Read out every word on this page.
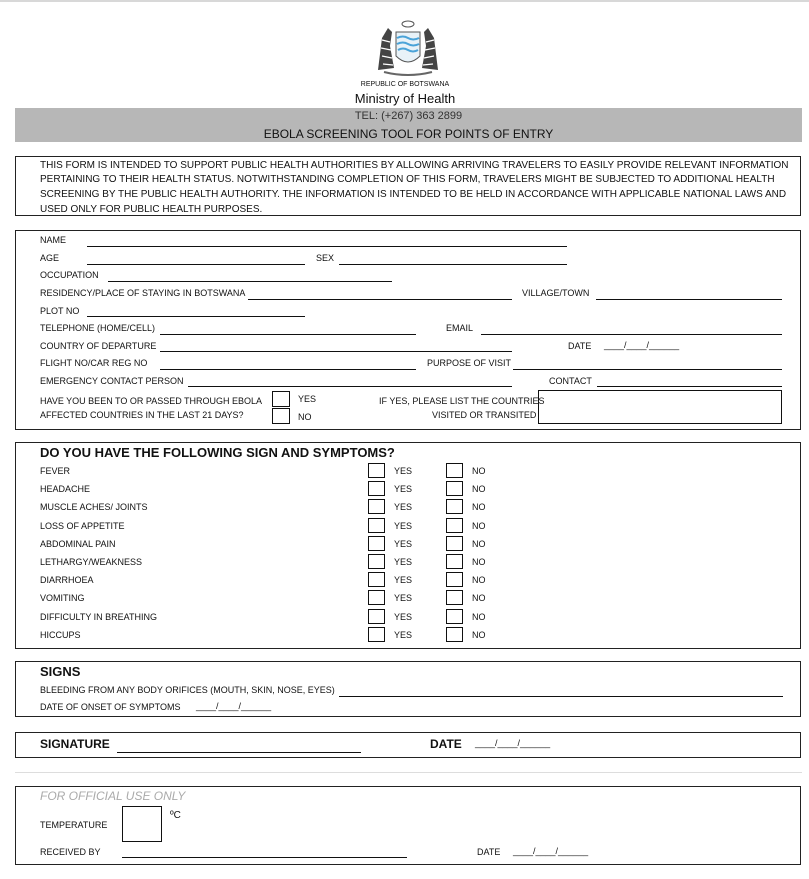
REPUBLIC OF BOTSWANA
Ministry of Health
TEL: (+267) 363 2899
EBOLA SCREENING TOOL FOR POINTS OF ENTRY
THIS FORM IS INTENDED TO SUPPORT PUBLIC HEALTH AUTHORITIES BY ALLOWING ARRIVING TRAVELERS TO EASILY PROVIDE RELEVANT INFORMATION
PERTAINING TO THEIR HEALTH STATUS. NOTWITHSTANDING COMPLETION OF THIS FORM, TRAVELERS MIGHT BE SUBJECTED TO ADDITIONAL HEALTH
SCREENING BY THE PUBLIC HEALTH AUTHORITY. THE INFORMATION IS INTENDED TO BE HELD IN ACCORDANCE WITH APPLICABLE NATIONAL LAWS AND
USED ONLY FOR PUBLIC HEALTH PURPOSES.
NAME
AGE	SEX
OCCUPATION
RESIDENCY/PLACE OF STAYING IN BOTSWANA	VILLAGE/TOWN
PLOT NO
TELEPHONE (HOME/CELL)	EMAIL
COUNTRY OF DEPARTURE	DATE ____/____/______
FLIGHT NO/CAR REG NO	PURPOSE OF VISIT
EMERGENCY CONTACT PERSON	CONTACT
HAVE YOU BEEN TO OR PASSED THROUGH EBOLA
AFFECTED COUNTRIES IN THE LAST 21 DAYS?
YES
NO
IF YES, PLEASE LIST THE COUNTRIES
VISITED OR TRANSITED
DO YOU HAVE THE FOLLOWING SIGN AND SYMPTOMS?
FEVER	YES	NO
HEADACHE	YES	NO
MUSCLE ACHES/ JOINTS	YES	NO
LOSS OF APPETITE	YES	NO
ABDOMINAL PAIN	YES	NO
LETHARGY/WEAKNESS	YES	NO
DIARRHOEA	YES	NO
VOMITING	YES	NO
DIFFICULTY IN BREATHING	YES	NO
HICCUPS	YES	NO
SIGNS
BLEEDING FROM ANY BODY ORIFICES (MOUTH, SKIN, NOSE, EYES)
DATE OF ONSET OF SYMPTOMS ____/____/______
SIGNATURE	DATE ____/____/______
FOR OFFICIAL USE ONLY
TEMPERATURE
ºC
RECEIVED BY	DATE ____/____/______
